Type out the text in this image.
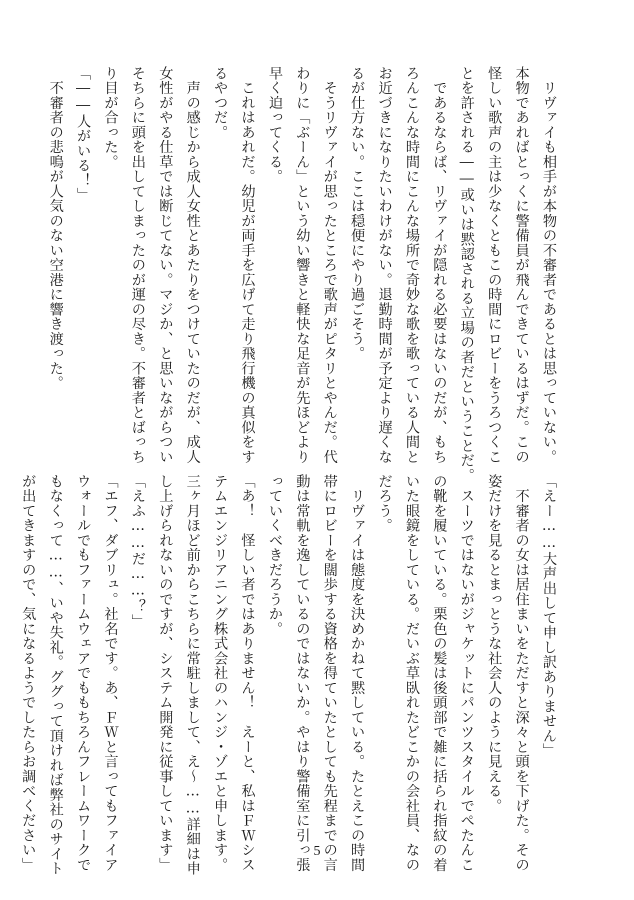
　リヴァイも相手が本物の不審者であるとは思っていない。
本物であればとっくに警備員が飛んできているはずだ。この
怪しい歌声の主は少なくともこの時間にロビーをうろつくこ
とを許される――或いは黙認される立場の者だということだ。
　であるならば、リヴァイが隠れる必要はないのだが、もち
ろんこんな時間にこんな場所で奇妙な歌を歌っている人間と
お近づきになりたいわけがない。退勤時間が予定より遅くな
るが仕方ない。ここは穏便にやり過ごそう。
　そうリヴァイが思ったところで歌声がピタリとやんだ。代
わりに「ぶーん」という幼い響きと軽快な足音が先ほどより
早く迫ってくる。
　これはあれだ。幼児が両手を広げて走り飛行機の真似をす
るやつだ。
　声の感じから成人女性とあたりをつけていたのだが、成人
女性がやる仕草では断じてない。マジか、と思いながらつい
そちらに頭を出してしまったのが運の尽き。不審者とばっち
り目が合った。
「――人がいる！」
　不審者の悲鳴が人気のない空港に響き渡った。
「えー……大声出して申し訳ありません」
　不審者の女は居住まいをただすと深々と頭を下げた。その
姿だけを見るとまっとうな社会人のように見える。
　スーツではないがジャケットにパンツスタイルでぺたんこ
の靴を履いている。栗色の髪は後頭部で雑に括られ指紋の着
いた眼鏡をしている。だいぶ草臥れたどこかの会社員、なの
だろう。
　リヴァイは態度を決めかねて黙している。たとえこの時間
帯にロビーを闊歩する資格を得ていたとしても先程までの言
動は常軌を逸しているのではないか。やはり警備室に引っ張
っていくべきだろうか。
「あ！　怪しい者ではありません！　えーと、私はＦＷシス
テムエンジリアニング株式会社のハンジ・ゾエと申します。
三ヶ月ほど前からこちらに常駐しまして、え～……詳細は申
し上げられないのですが、システム開発に従事しています」
「えふ……だ……？」
「エフ、ダブリュ。社名です。あ、ＦＷと言ってもファイア
ウォールでもファームウェアでももちろんフレームワークで
もなくって……、いや失礼。ググって頂ければ弊社のサイト
が出てきますので、気になるようでしたらお調べください」	5
